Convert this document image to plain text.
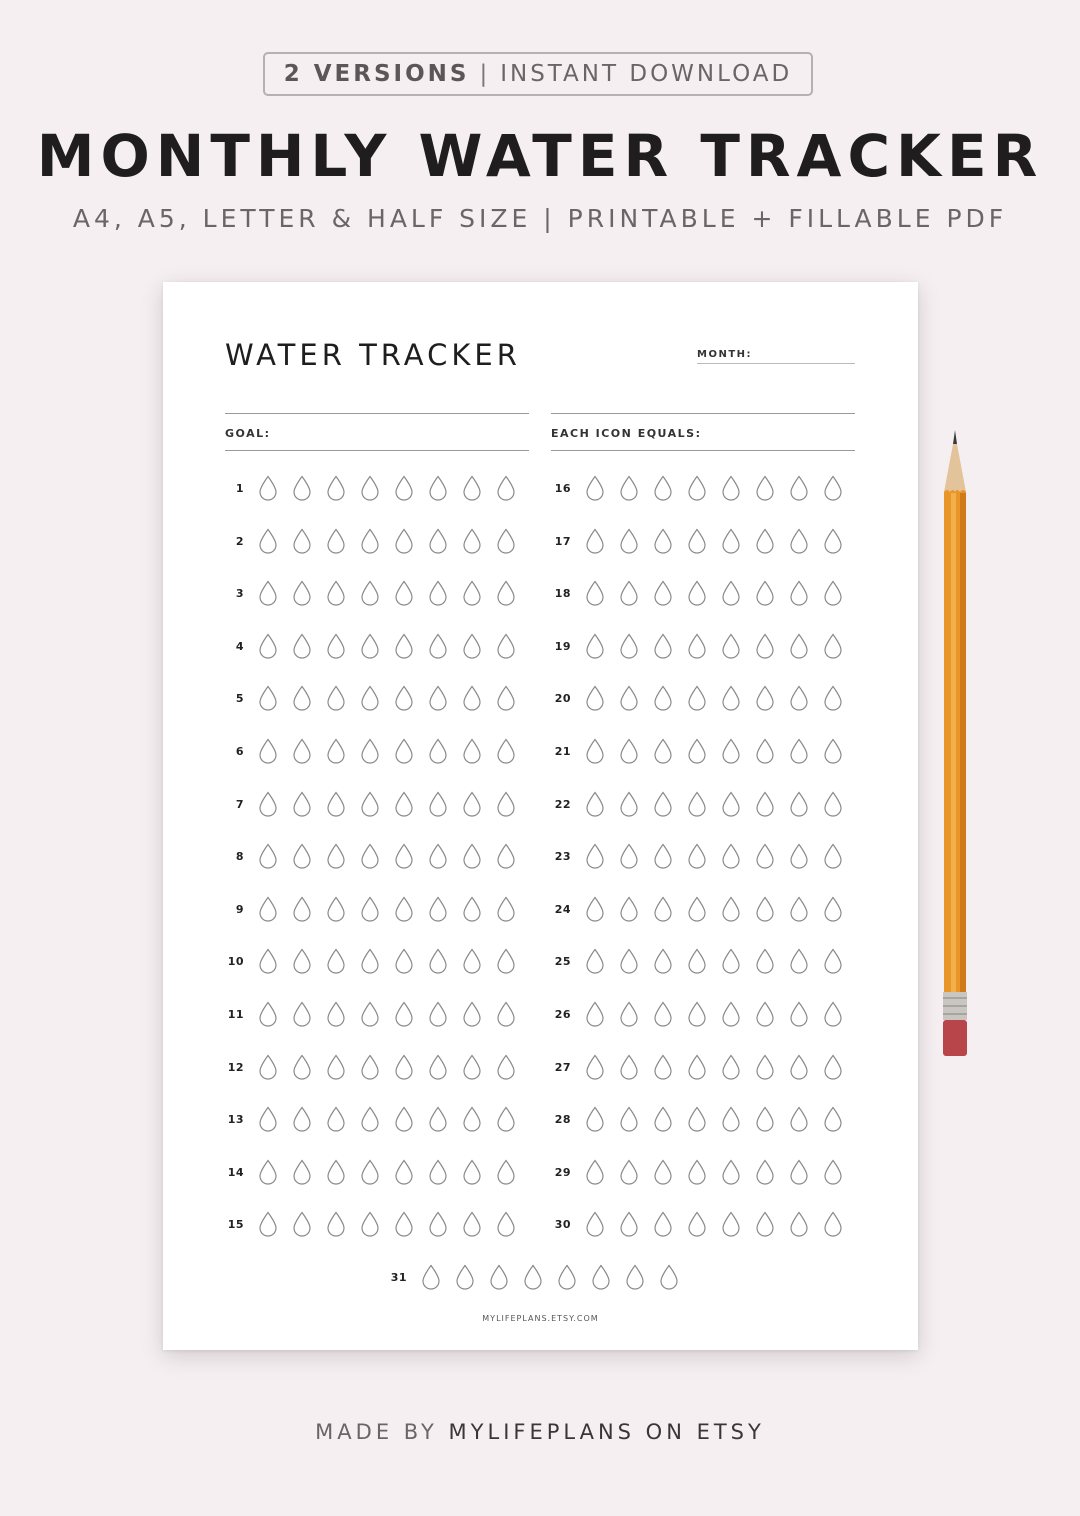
2 VERSIONS | INSTANT DOWNLOAD
MONTHLY WATER TRACKER
A4, A5, LETTER & HALF SIZE | PRINTABLE + FILLABLE PDF
WATER TRACKER	MONTH:
GOAL:	EACH ICON EQUALS:
1
2
3
4
5
6
7
8
9
10
11
12
13
14
15
16
17
18
19
20
21
22
23
24
25
26
27
28
29
30
31
MYLIFEPLANS.ETSY.COM
MADE BY MYLIFEPLANS ON ETSY
